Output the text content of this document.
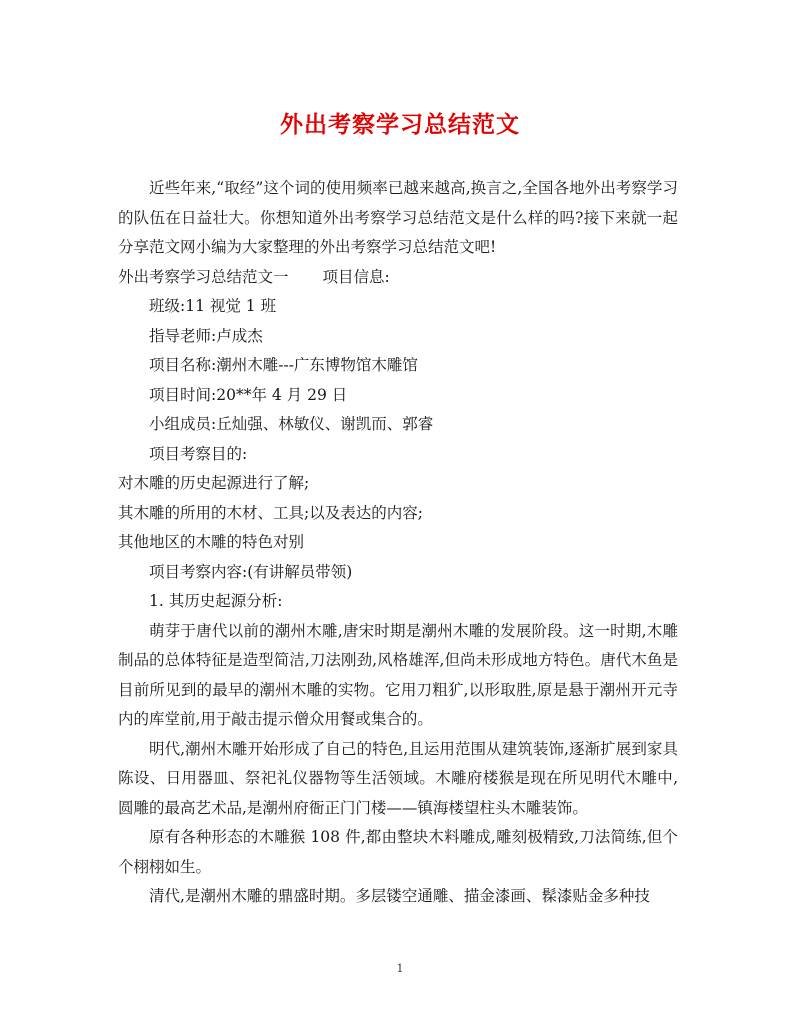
外出考察学习总结范文

近些年来,“取经”这个词的使用频率已越来越高,换言之,全国各地外出考察学习的队伍在日益壮大。你想知道外出考察学习总结范文是什么样的吗?接下来就一起分享范文网小编为大家整理的外出考察学习总结范文吧!

外出考察学习总结范文一 项目信息:

班级:11 视觉 1 班

指导老师:卢成杰

项目名称:潮州木雕---广东博物馆木雕馆

项目时间:20**年 4 月 29 日

小组成员:丘灿强、林敏仪、谢凯而、郭睿

项目考察目的:

对木雕的历史起源进行了解;

其木雕的所用的木材、工具;以及表达的内容;

其他地区的木雕的特色对别

项目考察内容:(有讲解员带领)

1. 其历史起源分析:

萌芽于唐代以前的潮州木雕,唐宋时期是潮州木雕的发展阶段。这一时期,木雕制品的总体特征是造型简洁,刀法刚劲,风格雄浑,但尚未形成地方特色。唐代木鱼是目前所见到的最早的潮州木雕的实物。它用刀粗犷,以形取胜,原是悬于潮州开元寺内的库堂前,用于敲击提示僧众用餐或集合的。

明代,潮州木雕开始形成了自己的特色,且运用范围从建筑装饰,逐渐扩展到家具陈设、日用器皿、祭祀礼仪器物等生活领域。木雕府楼猴是现在所见明代木雕中,圆雕的最高艺术品,是潮州府衙正门门楼——镇海楼望柱头木雕装饰。

原有各种形态的木雕猴 108 件,都由整块木料雕成,雕刻极精致,刀法简练,但个个栩栩如生。

清代,是潮州木雕的鼎盛时期。多层镂空通雕、描金漆画、髹漆贴金多种技

1
